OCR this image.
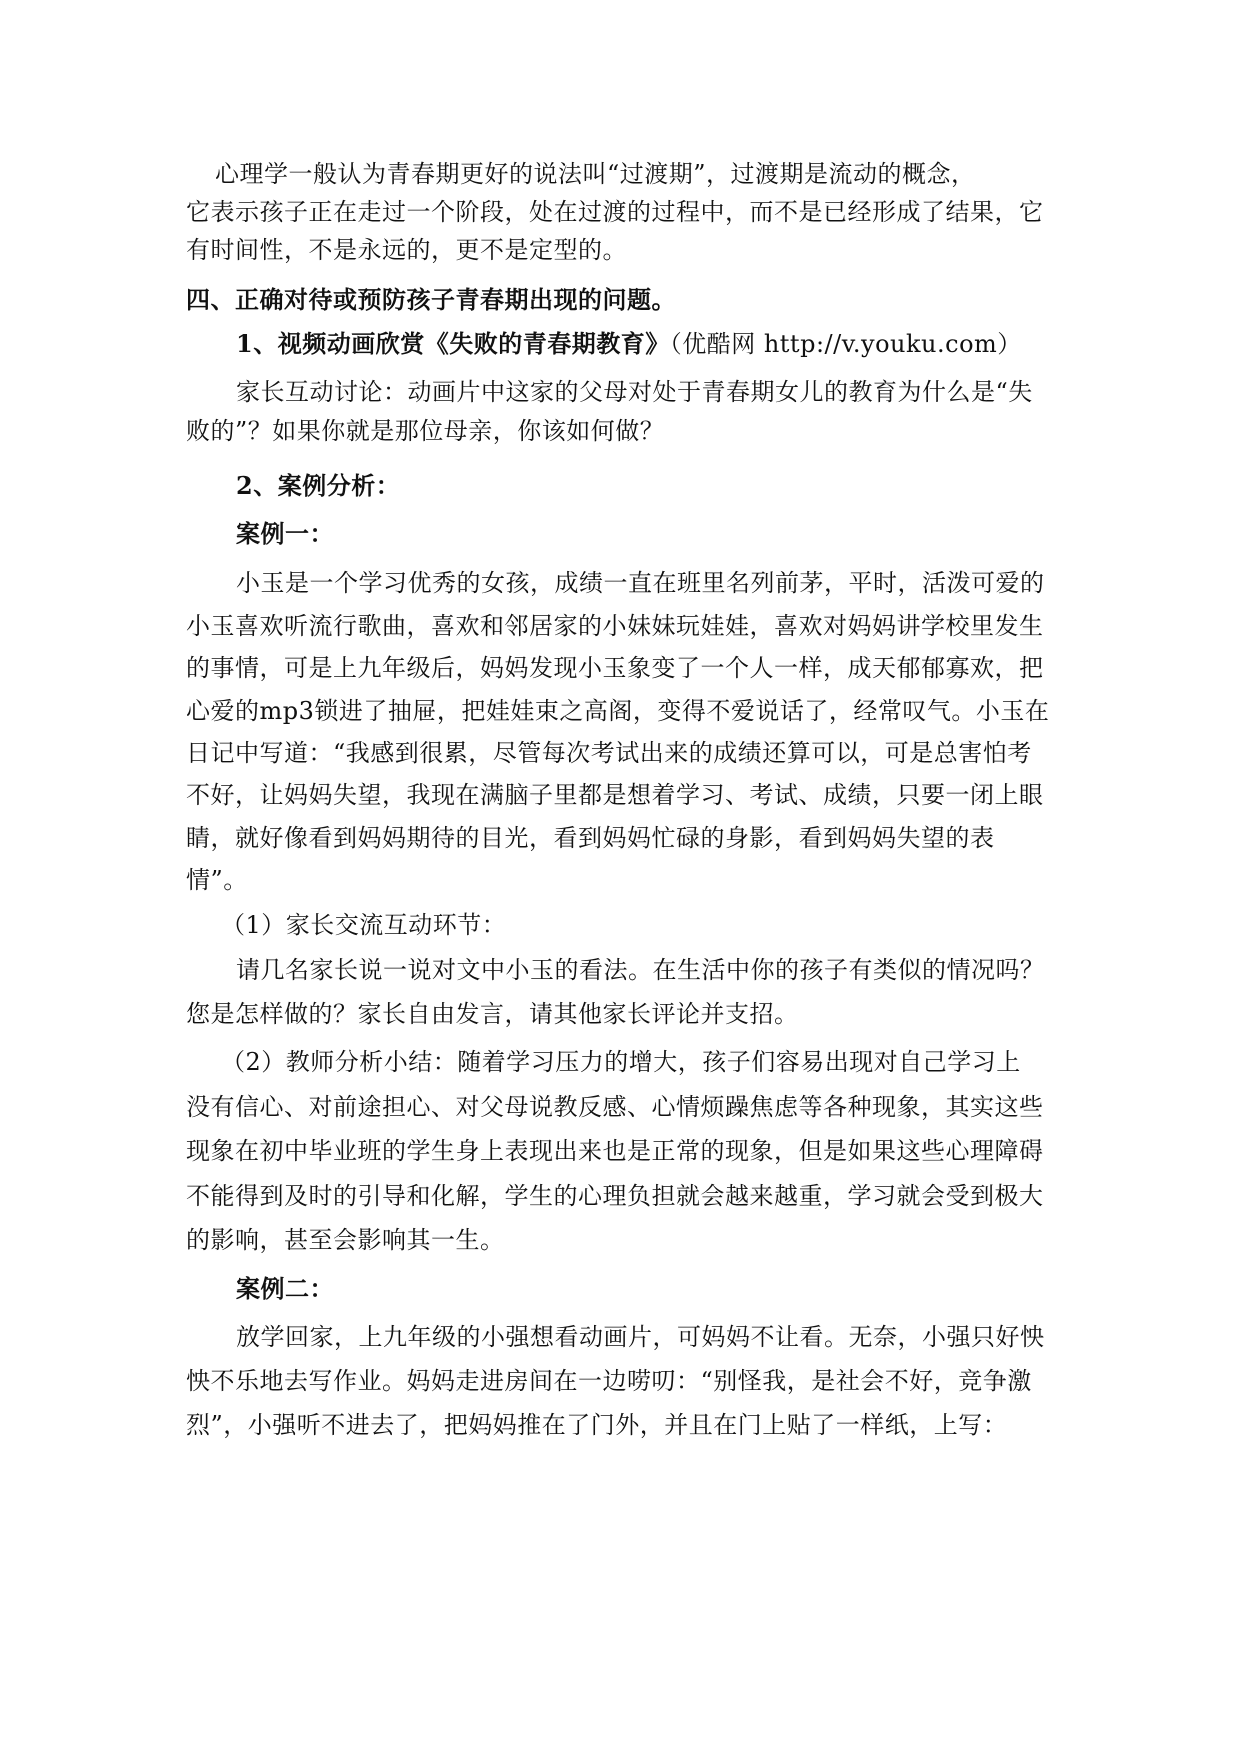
心理学一般认为青春期更好的说法叫“过渡期”，过渡期是流动的概念，
它表示孩子正在走过一个阶段，处在过渡的过程中，而不是已经形成了结果，它
有时间性，不是永远的，更不是定型的。
四、正确对待或预防孩子青春期出现的问题。
1、视频动画欣赏《失败的青春期教育》（优酷网 http://v.youku.com）
家长互动讨论：动画片中这家的父母对处于青春期女儿的教育为什么是“失
败的”？如果你就是那位母亲，你该如何做？
2、案例分析：
案例一：
小玉是一个学习优秀的女孩，成绩一直在班里名列前茅，平时，活泼可爱的
小玉喜欢听流行歌曲，喜欢和邻居家的小妹妹玩娃娃，喜欢对妈妈讲学校里发生
的事情，可是上九年级后，妈妈发现小玉象变了一个人一样，成天郁郁寡欢，把
心爱的mp3锁进了抽屉，把娃娃束之高阁，变得不爱说话了，经常叹气。小玉在
日记中写道：“我感到很累，尽管每次考试出来的成绩还算可以，可是总害怕考
不好，让妈妈失望，我现在满脑子里都是想着学习、考试、成绩，只要一闭上眼
睛，就好像看到妈妈期待的目光，看到妈妈忙碌的身影，看到妈妈失望的表
情”。
（1）家长交流互动环节：
请几名家长说一说对文中小玉的看法。在生活中你的孩子有类似的情况吗？
您是怎样做的？家长自由发言，请其他家长评论并支招。
（2）教师分析小结：随着学习压力的增大，孩子们容易出现对自己学习上
没有信心、对前途担心、对父母说教反感、心情烦躁焦虑等各种现象，其实这些
现象在初中毕业班的学生身上表现出来也是正常的现象，但是如果这些心理障碍
不能得到及时的引导和化解，学生的心理负担就会越来越重，学习就会受到极大
的影响，甚至会影响其一生。
案例二：
放学回家，上九年级的小强想看动画片，可妈妈不让看。无奈，小强只好怏
怏不乐地去写作业。妈妈走进房间在一边唠叨：“别怪我，是社会不好，竞争激
烈”，小强听不进去了，把妈妈推在了门外，并且在门上贴了一样纸，上写：
